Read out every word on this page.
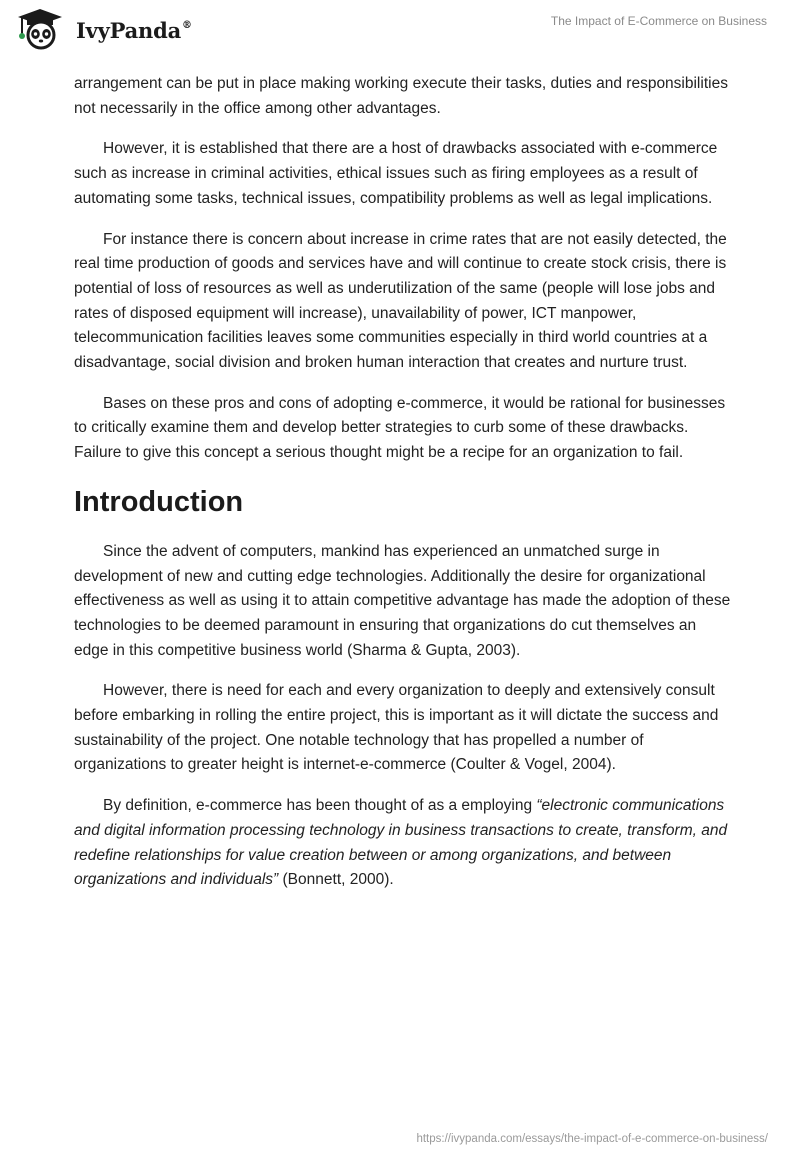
IvyPanda®	The Impact of E-Commerce on Business

arrangement can be put in place making working execute their tasks, duties and responsibilities not necessarily in the office among other advantages.

However, it is established that there are a host of drawbacks associated with e-commerce such as increase in criminal activities, ethical issues such as firing employees as a result of automating some tasks, technical issues, compatibility problems as well as legal implications.

For instance there is concern about increase in crime rates that are not easily detected, the real time production of goods and services have and will continue to create stock crisis, there is potential of loss of resources as well as underutilization of the same (people will lose jobs and rates of disposed equipment will increase), unavailability of power, ICT manpower, telecommunication facilities leaves some communities especially in third world countries at a disadvantage, social division and broken human interaction that creates and nurture trust.

Bases on these pros and cons of adopting e-commerce, it would be rational for businesses to critically examine them and develop better strategies to curb some of these drawbacks. Failure to give this concept a serious thought might be a recipe for an organization to fail.

Introduction

Since the advent of computers, mankind has experienced an unmatched surge in development of new and cutting edge technologies. Additionally the desire for organizational effectiveness as well as using it to attain competitive advantage has made the adoption of these technologies to be deemed paramount in ensuring that organizations do cut themselves an edge in this competitive business world (Sharma & Gupta, 2003).

However, there is need for each and every organization to deeply and extensively consult before embarking in rolling the entire project, this is important as it will dictate the success and sustainability of the project. One notable technology that has propelled a number of organizations to greater height is internet-e-commerce (Coulter & Vogel, 2004).

By definition, e-commerce has been thought of as a employing “electronic communications and digital information processing technology in business transactions to create, transform, and redefine relationships for value creation between or among organizations, and between organizations and individuals” (Bonnett, 2000).

https://ivypanda.com/essays/the-impact-of-e-commerce-on-business/
